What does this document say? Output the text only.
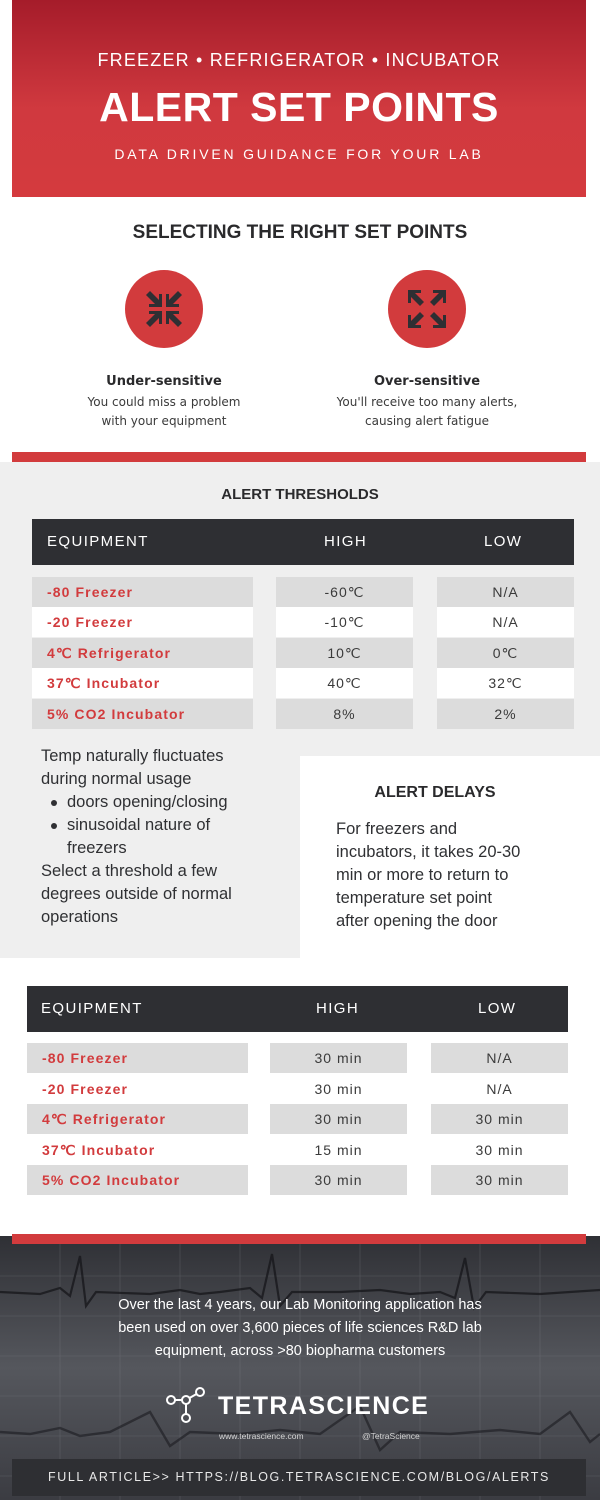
FREEZER • REFRIGERATOR • INCUBATOR
ALERT SET POINTS
DATA DRIVEN GUIDANCE FOR YOUR LAB
SELECTING THE RIGHT SET POINTS
Under-sensitive
You could miss a problem
with your equipment
Over-sensitive
You'll receive too many alerts,
causing alert fatigue
ALERT THRESHOLDS
EQUIPMENT	HIGH	LOW
-80 Freezer	-60℃	N/A
-20 Freezer	-10℃	N/A
4℃ Refrigerator	10℃	0℃
37℃ Incubator	40℃	32℃
5% CO2 Incubator	8%	2%
Temp naturally fluctuates
during normal usage
doors opening/closing
sinusoidal nature of
freezers
Select a threshold a few
degrees outside of normal
operations
ALERT DELAYS
For freezers and
incubators, it takes 20-30
min or more to return to
temperature set point
after opening the door
EQUIPMENT	HIGH	LOW
-80 Freezer	30 min	N/A
-20 Freezer	30 min	N/A
4℃ Refrigerator	30 min	30 min
37℃ Incubator	15 min	30 min
5% CO2 Incubator	30 min	30 min
Over the last 4 years, our Lab Monitoring application has
been used on over 3,600 pieces of life sciences R&D lab
equipment, across >80 biopharma customers
TETRASCIENCE
www.tetrascience.com	@TetraScience
FULL ARTICLE>> HTTPS://BLOG.TETRASCIENCE.COM/BLOG/ALERTS
